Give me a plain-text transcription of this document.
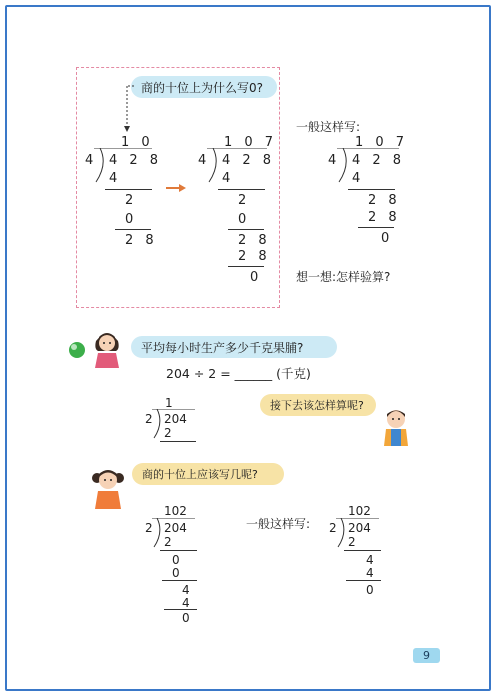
商的十位上为什么写0?
1 0
4 4 2 8
4
2
0
2 8
1 0 7
4 4 2 8
4
2
0
2 8
2 8
0
一般这样写:
1 0 7
4 4 2 8
4
2 8
2 8
0
想一想:怎样验算?
平均每小时生产多少千克果脯?
204 ÷ 2 = ______ (千克)
1
2 204
2
接下去该怎样算呢?
商的十位上应该写几呢?
102
2 204
2
0
0
4
4
0
一般这样写:
102
2 204
2
4
4
0
9
